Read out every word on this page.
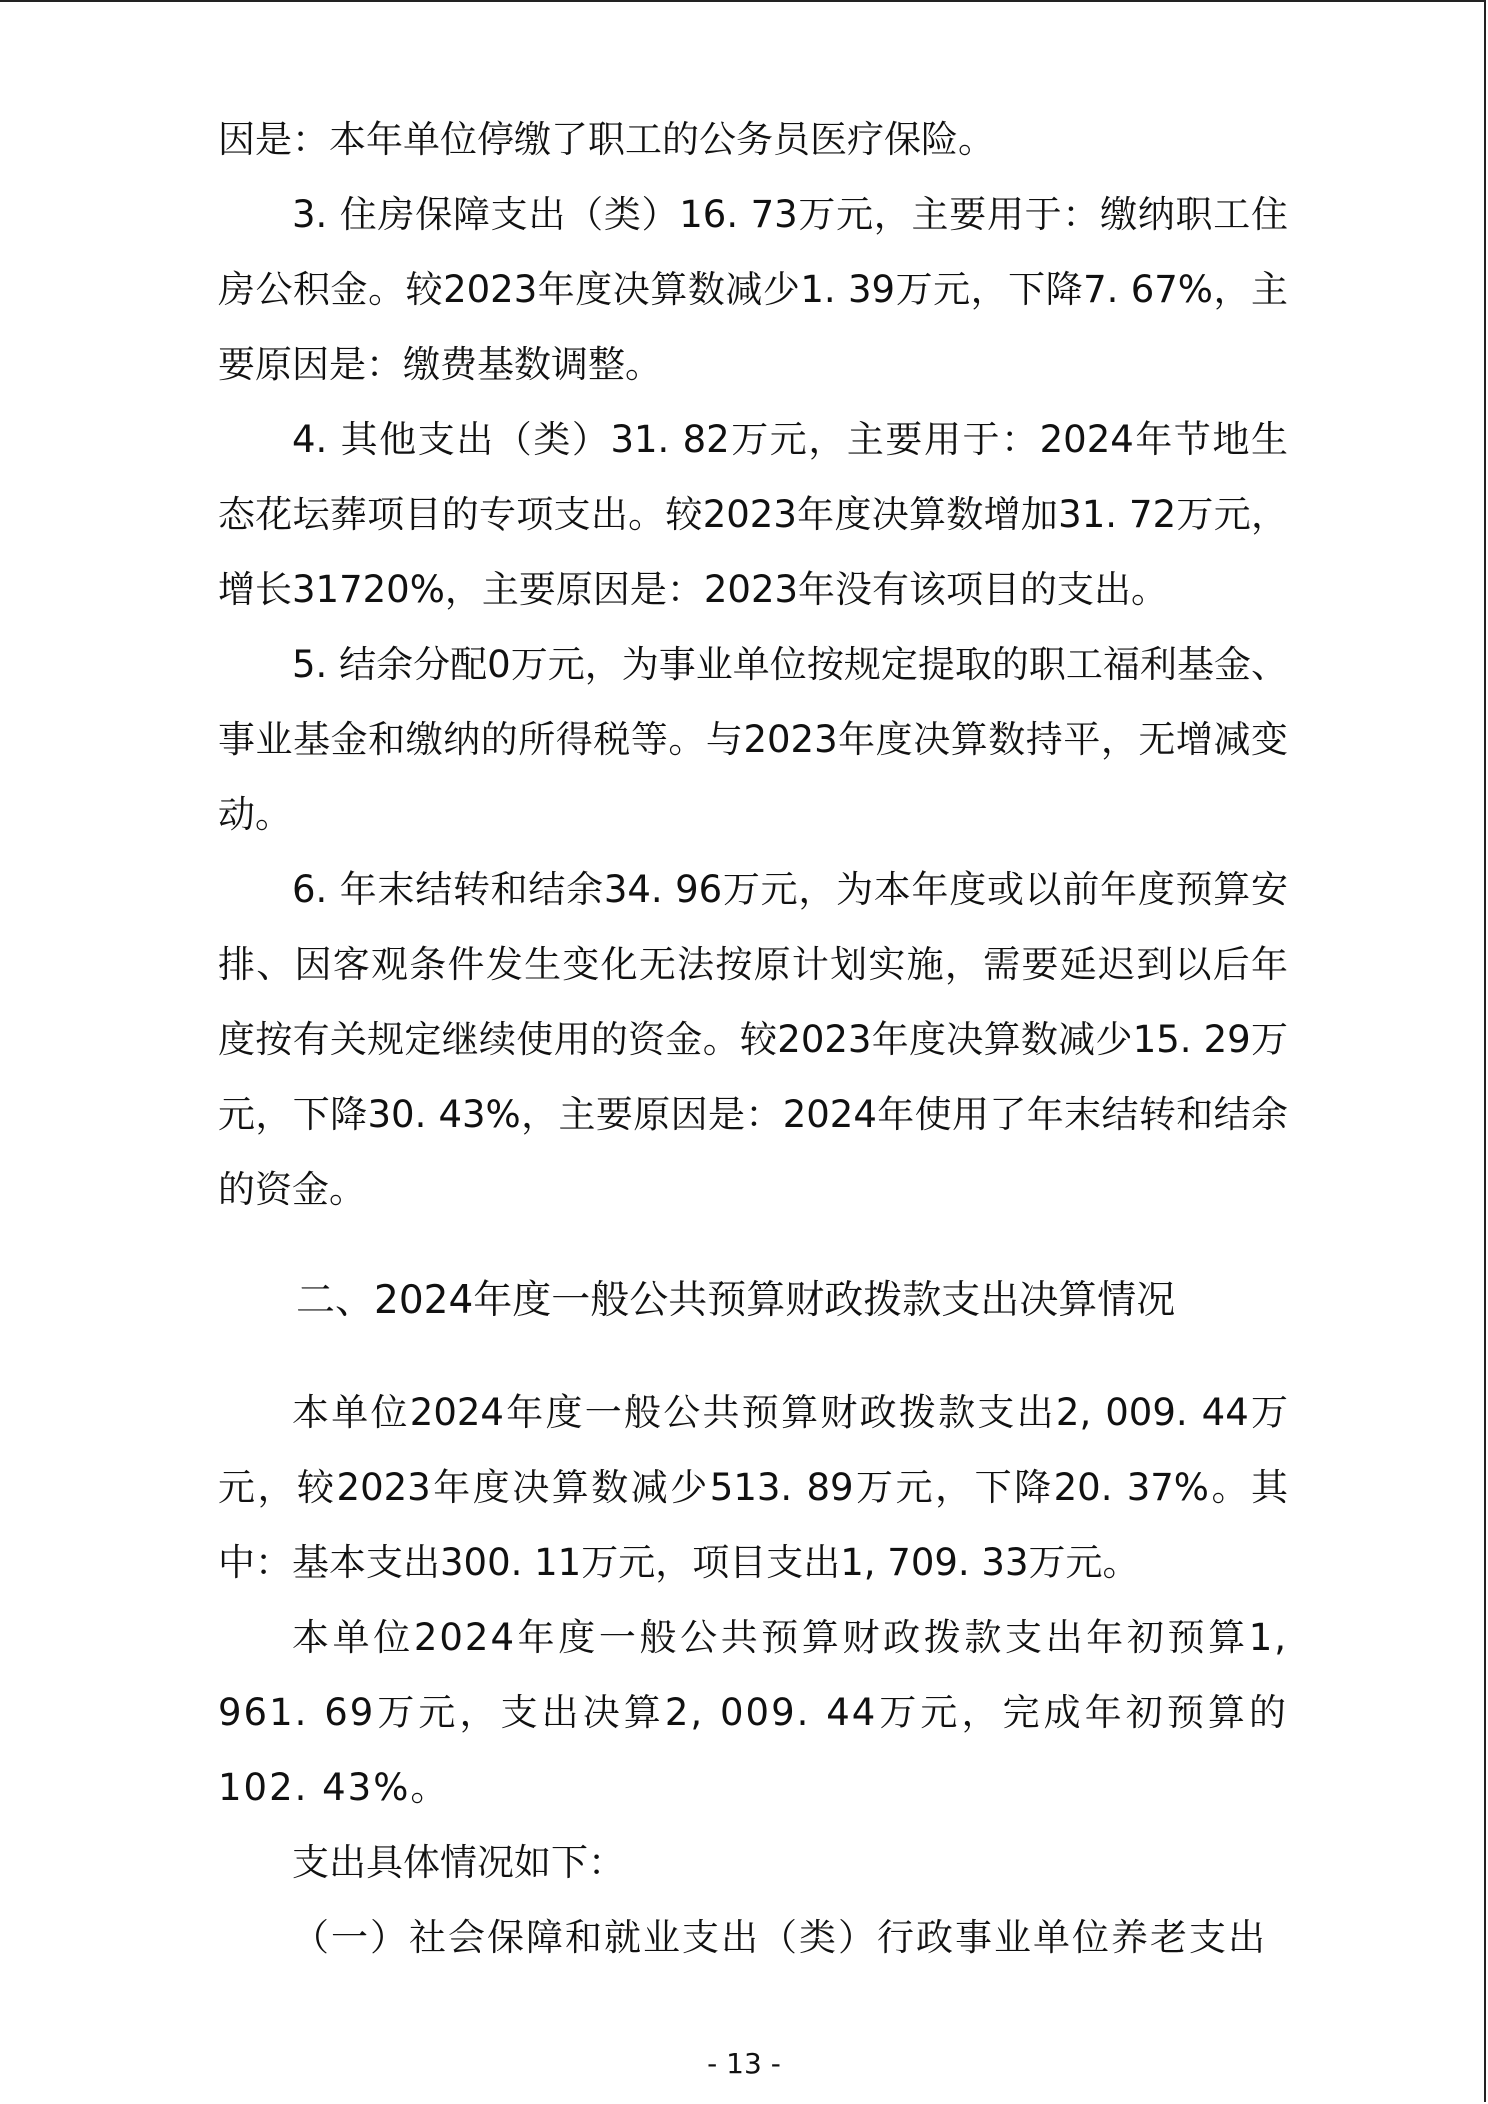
因是：本年单位停缴了职工的公务员医疗保险。

3. 住房保障支出（类）16. 73万元，主要用于：缴纳职工住房公积金。较2023年度决算数减少1. 39万元，下降7. 67%，主要原因是：缴费基数调整。

4. 其他支出（类）31. 82万元，主要用于：2024年节地生态花坛葬项目的专项支出。较2023年度决算数增加31. 72万元，增长31720%，主要原因是：2023年没有该项目的支出。

5. 结余分配0万元，为事业单位按规定提取的职工福利基金、事业基金和缴纳的所得税等。与2023年度决算数持平，无增减变动。

6. 年末结转和结余34. 96万元，为本年度或以前年度预算安排、因客观条件发生变化无法按原计划实施，需要延迟到以后年度按有关规定继续使用的资金。较2023年度决算数减少15. 29万元，下降30. 43%，主要原因是：2024年使用了年末结转和结余的资金。

二、2024年度一般公共预算财政拨款支出决算情况

本单位2024年度一般公共预算财政拨款支出2, 009. 44万元，较2023年度决算数减少513. 89万元，下降20. 37%。其中：基本支出300. 11万元，项目支出1, 709. 33万元。

本单位2024年度一般公共预算财政拨款支出年初预算1, 961. 69万元，支出决算2, 009. 44万元，完成年初预算的102. 43%。

支出具体情况如下：

（一）社会保障和就业支出（类）行政事业单位养老支出

- 13 -
